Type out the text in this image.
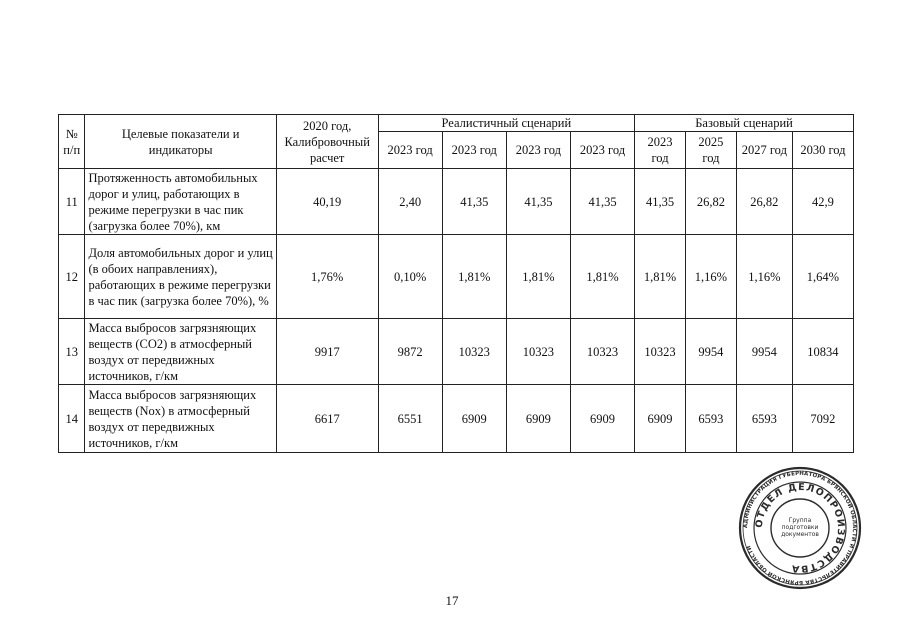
№ п/п	Целевые показатели и индикаторы	2020 год, Калибровочный расчет	Реалистичный сценарий				Базовый сценарий			
			2023 год	2023 год	2023 год	2023 год	2023 год	2025 год	2027 год	2030 год
11	Протяженность автомобильных дорог и улиц, работающих в режиме перегрузки в час пик (загрузка более 70%), км	40,19	2,40	41,35	41,35	41,35	41,35	26,82	26,82	42,9
12	Доля автомобильных дорог и улиц (в обоих направлениях), работающих в режиме перегрузки в час пик (загрузка более 70%), %	1,76%	0,10%	1,81%	1,81%	1,81%	1,81%	1,16%	1,16%	1,64%
13	Масса выбросов загрязняющих веществ (СО2) в атмосферный воздух от передвижных источников, г/км	9917	9872	10323	10323	10323	10323	9954	9954	10834
14	Масса выбросов загрязняющих веществ (Nox) в атмосферный воздух от передвижных источников, г/км	6617	6551	6909	6909	6909	6909	6593	6593	7092
17
АДМИНИСТРАЦИЯ ГУБЕРНАТОРА БРЯНСКОЙ ОБЛАСТИ И ПРАВИТЕЛЬСТВА БРЯНСКОЙ ОБЛАСТИ
ОТДЕЛ ДЕЛОПРОИЗВОДСТВА
Группа
подготовки
документов
